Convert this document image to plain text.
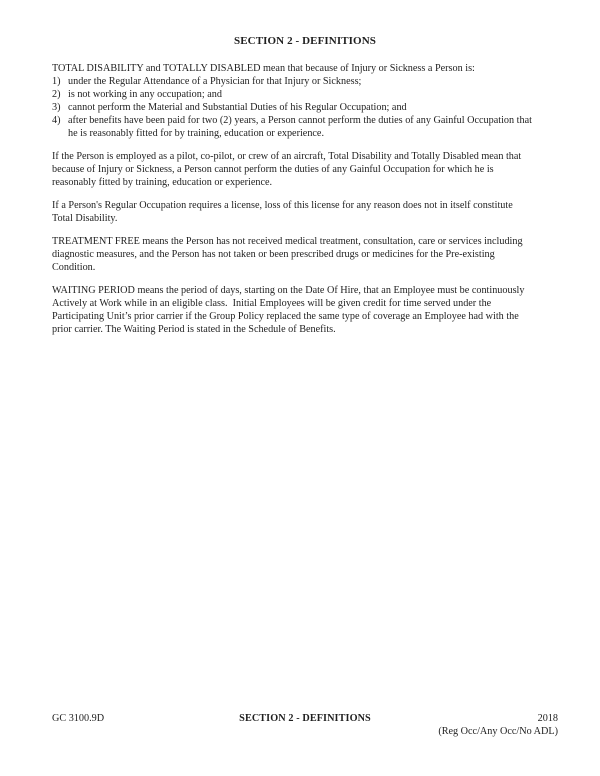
SECTION 2 - DEFINITIONS
TOTAL DISABILITY and TOTALLY DISABLED mean that because of Injury or Sickness a Person is:
1) under the Regular Attendance of a Physician for that Injury or Sickness;
2) is not working in any occupation; and
3) cannot perform the Material and Substantial Duties of his Regular Occupation; and
4) after benefits have been paid for two (2) years, a Person cannot perform the duties of any Gainful Occupation that
he is reasonably fitted for by training, education or experience.
If the Person is employed as a pilot, co-pilot, or crew of an aircraft, Total Disability and Totally Disabled mean that
because of Injury or Sickness, a Person cannot perform the duties of any Gainful Occupation for which he is
reasonably fitted by training, education or experience.
If a Person's Regular Occupation requires a license, loss of this license for any reason does not in itself constitute
Total Disability.
TREATMENT FREE means the Person has not received medical treatment, consultation, care or services including
diagnostic measures, and the Person has not taken or been prescribed drugs or medicines for the Pre-existing
Condition.
WAITING PERIOD means the period of days, starting on the Date Of Hire, that an Employee must be continuously
Actively at Work while in an eligible class.  Initial Employees will be given credit for time served under the
Participating Unit’s prior carrier if the Group Policy replaced the same type of coverage an Employee had with the
prior carrier. The Waiting Period is stated in the Schedule of Benefits.
GC 3100.9D	SECTION 2 - DEFINITIONS	2018
(Reg Occ/Any Occ/No ADL)
